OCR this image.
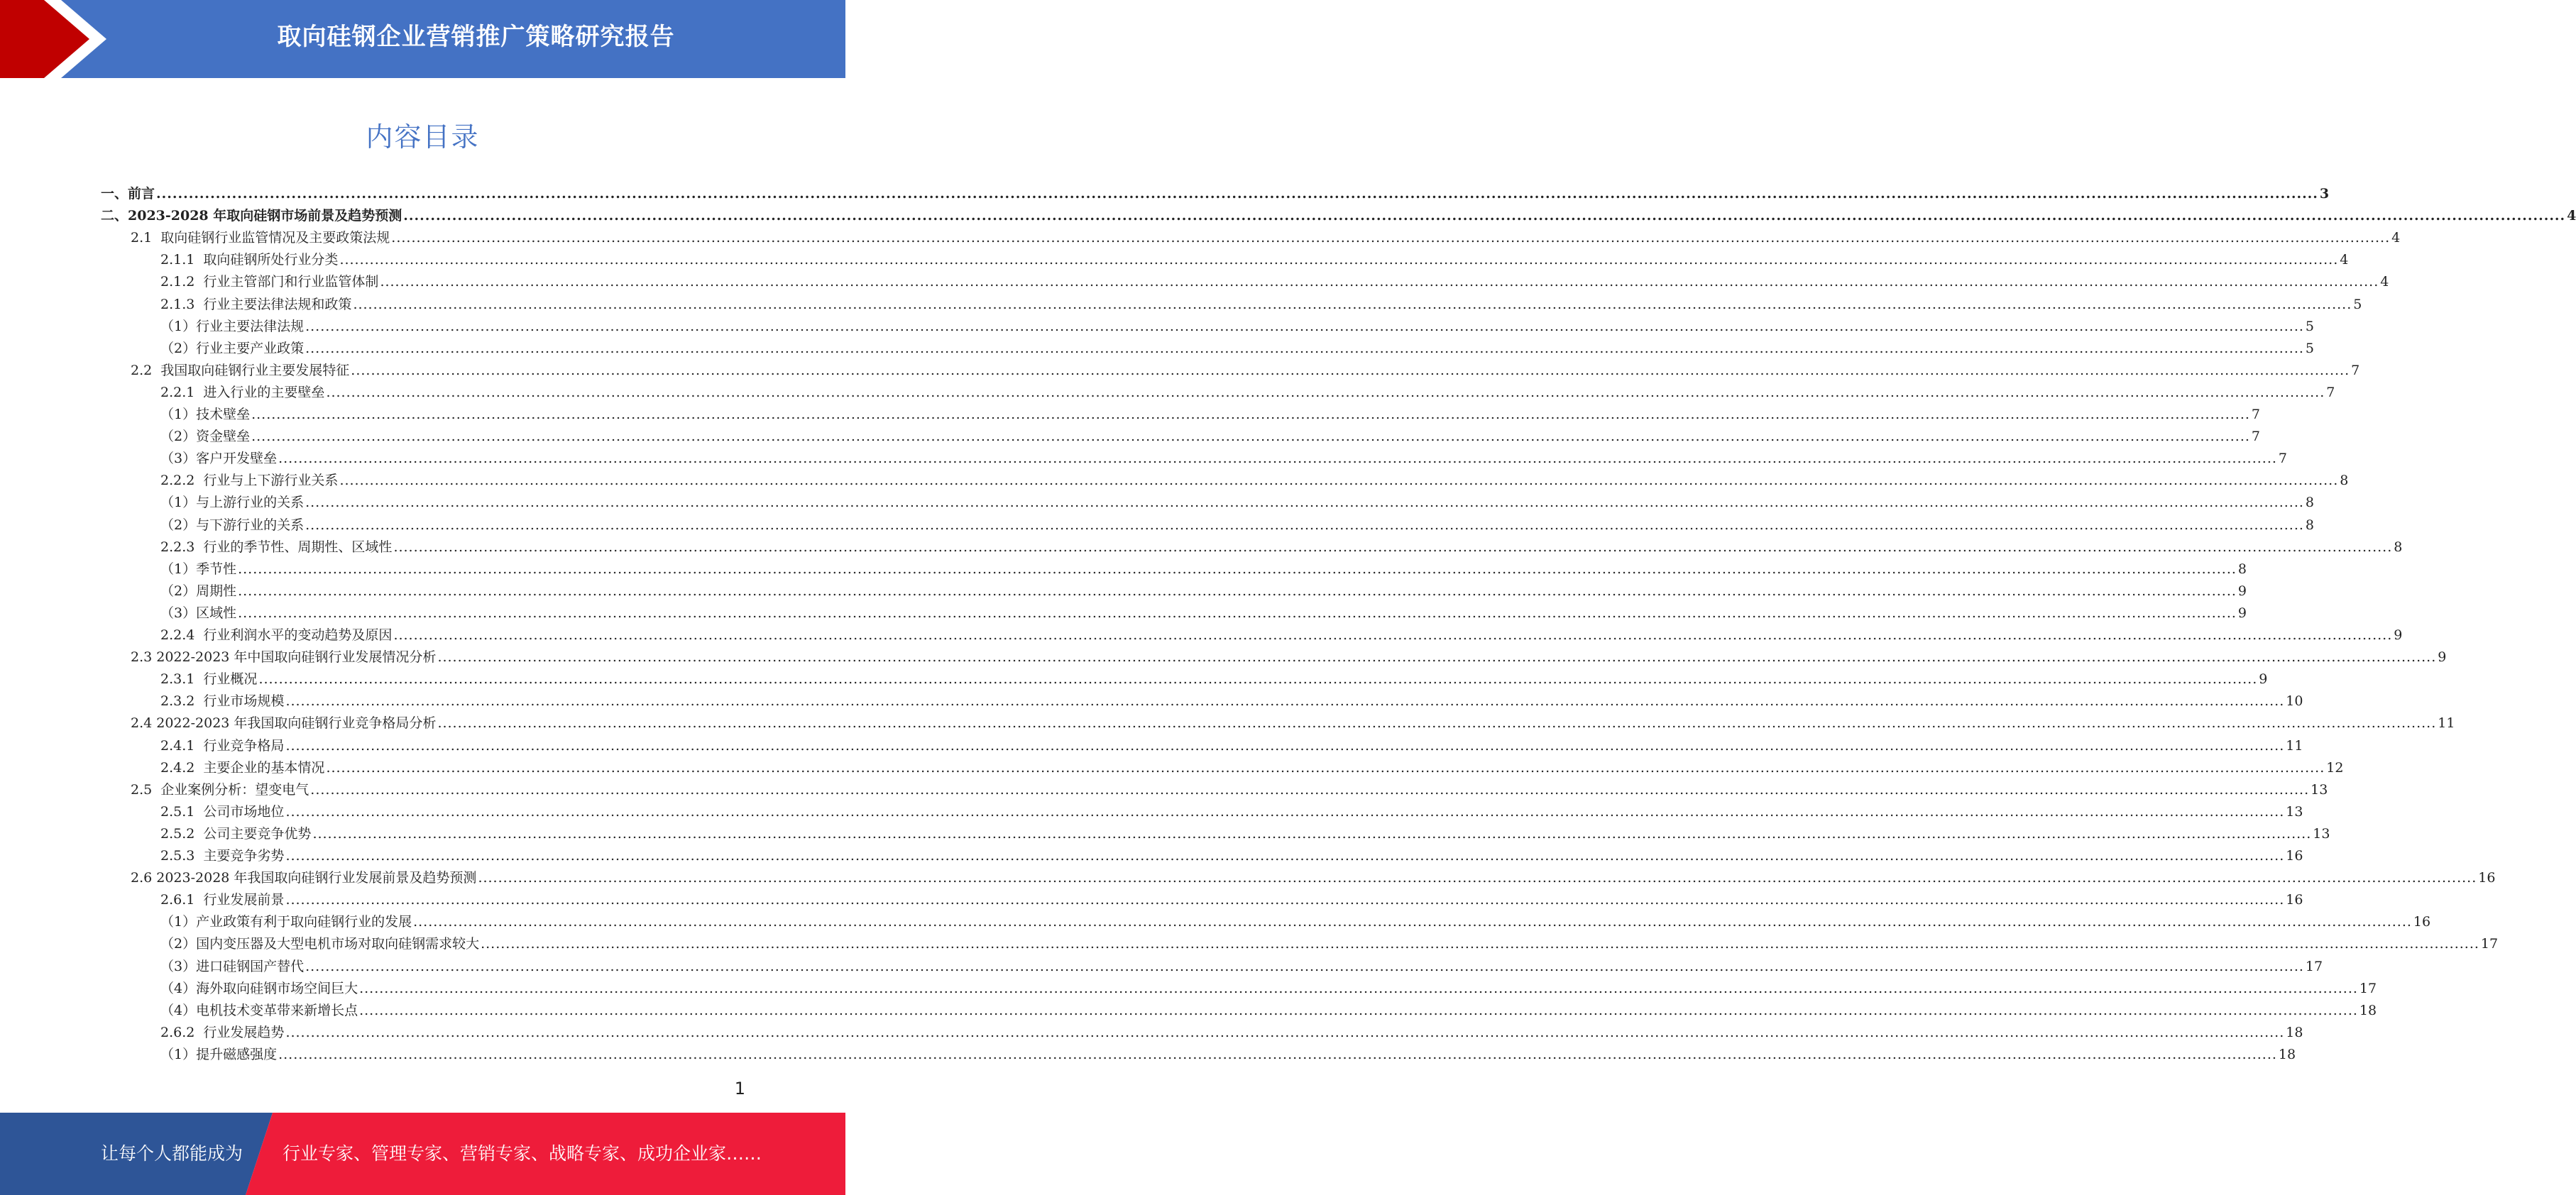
取向硅钢企业营销推广策略研究报告
内容目录
一、前言 ................................................................................................................................................................................................................................................................................................................................................................................................................ 3
二、2023-2028 年取向硅钢市场前景及趋势预测 ................................................................................................................................................................................................................................................................................................................................................................................................................ 4
2.1  取向硅钢行业监管情况及主要政策法规 ................................................................................................................................................................................................................................................................................................................................................................................................................ 4
2.1.1  取向硅钢所处行业分类 ................................................................................................................................................................................................................................................................................................................................................................................................................ 4
2.1.2  行业主管部门和行业监管体制 ................................................................................................................................................................................................................................................................................................................................................................................................................ 4
2.1.3  行业主要法律法规和政策 ................................................................................................................................................................................................................................................................................................................................................................................................................ 5
（1）行业主要法律法规 ................................................................................................................................................................................................................................................................................................................................................................................................................ 5
（2）行业主要产业政策 ................................................................................................................................................................................................................................................................................................................................................................................................................ 5
2.2  我国取向硅钢行业主要发展特征 ................................................................................................................................................................................................................................................................................................................................................................................................................ 7
2.2.1  进入行业的主要壁垒 ................................................................................................................................................................................................................................................................................................................................................................................................................ 7
（1）技术壁垒 ................................................................................................................................................................................................................................................................................................................................................................................................................ 7
（2）资金壁垒 ................................................................................................................................................................................................................................................................................................................................................................................................................ 7
（3）客户开发壁垒 ................................................................................................................................................................................................................................................................................................................................................................................................................ 7
2.2.2  行业与上下游行业关系 ................................................................................................................................................................................................................................................................................................................................................................................................................ 8
（1）与上游行业的关系 ................................................................................................................................................................................................................................................................................................................................................................................................................ 8
（2）与下游行业的关系 ................................................................................................................................................................................................................................................................................................................................................................................................................ 8
2.2.3  行业的季节性、周期性、区域性 ................................................................................................................................................................................................................................................................................................................................................................................................................ 8
（1）季节性 ................................................................................................................................................................................................................................................................................................................................................................................................................ 8
（2）周期性 ................................................................................................................................................................................................................................................................................................................................................................................................................ 9
（3）区域性 ................................................................................................................................................................................................................................................................................................................................................................................................................ 9
2.2.4  行业利润水平的变动趋势及原因 ................................................................................................................................................................................................................................................................................................................................................................................................................ 9
2.3 2022-2023 年中国取向硅钢行业发展情况分析 ................................................................................................................................................................................................................................................................................................................................................................................................................ 9
2.3.1  行业概况 ................................................................................................................................................................................................................................................................................................................................................................................................................ 9
2.3.2  行业市场规模 ................................................................................................................................................................................................................................................................................................................................................................................................................ 10
2.4 2022-2023 年我国取向硅钢行业竞争格局分析 ................................................................................................................................................................................................................................................................................................................................................................................................................ 11
2.4.1  行业竞争格局 ................................................................................................................................................................................................................................................................................................................................................................................................................ 11
2.4.2  主要企业的基本情况 ................................................................................................................................................................................................................................................................................................................................................................................................................ 12
2.5  企业案例分析：望变电气 ................................................................................................................................................................................................................................................................................................................................................................................................................ 13
2.5.1  公司市场地位 ................................................................................................................................................................................................................................................................................................................................................................................................................ 13
2.5.2  公司主要竞争优势 ................................................................................................................................................................................................................................................................................................................................................................................................................ 13
2.5.3  主要竞争劣势 ................................................................................................................................................................................................................................................................................................................................................................................................................ 16
2.6 2023-2028 年我国取向硅钢行业发展前景及趋势预测 ................................................................................................................................................................................................................................................................................................................................................................................................................ 16
2.6.1  行业发展前景 ................................................................................................................................................................................................................................................................................................................................................................................................................ 16
（1）产业政策有利于取向硅钢行业的发展 ................................................................................................................................................................................................................................................................................................................................................................................................................ 16
（2）国内变压器及大型电机市场对取向硅钢需求较大 ................................................................................................................................................................................................................................................................................................................................................................................................................ 17
（3）进口硅钢国产替代 ................................................................................................................................................................................................................................................................................................................................................................................................................ 17
（4）海外取向硅钢市场空间巨大 ................................................................................................................................................................................................................................................................................................................................................................................................................ 17
（4）电机技术变革带来新增长点 ................................................................................................................................................................................................................................................................................................................................................................................................................ 18
2.6.2  行业发展趋势 ................................................................................................................................................................................................................................................................................................................................................................................................................ 18
（1）提升磁感强度 ................................................................................................................................................................................................................................................................................................................................................................................................................ 18
1
让每个人都能成为 行业专家、管理专家、营销专家、战略专家、成功企业家……
